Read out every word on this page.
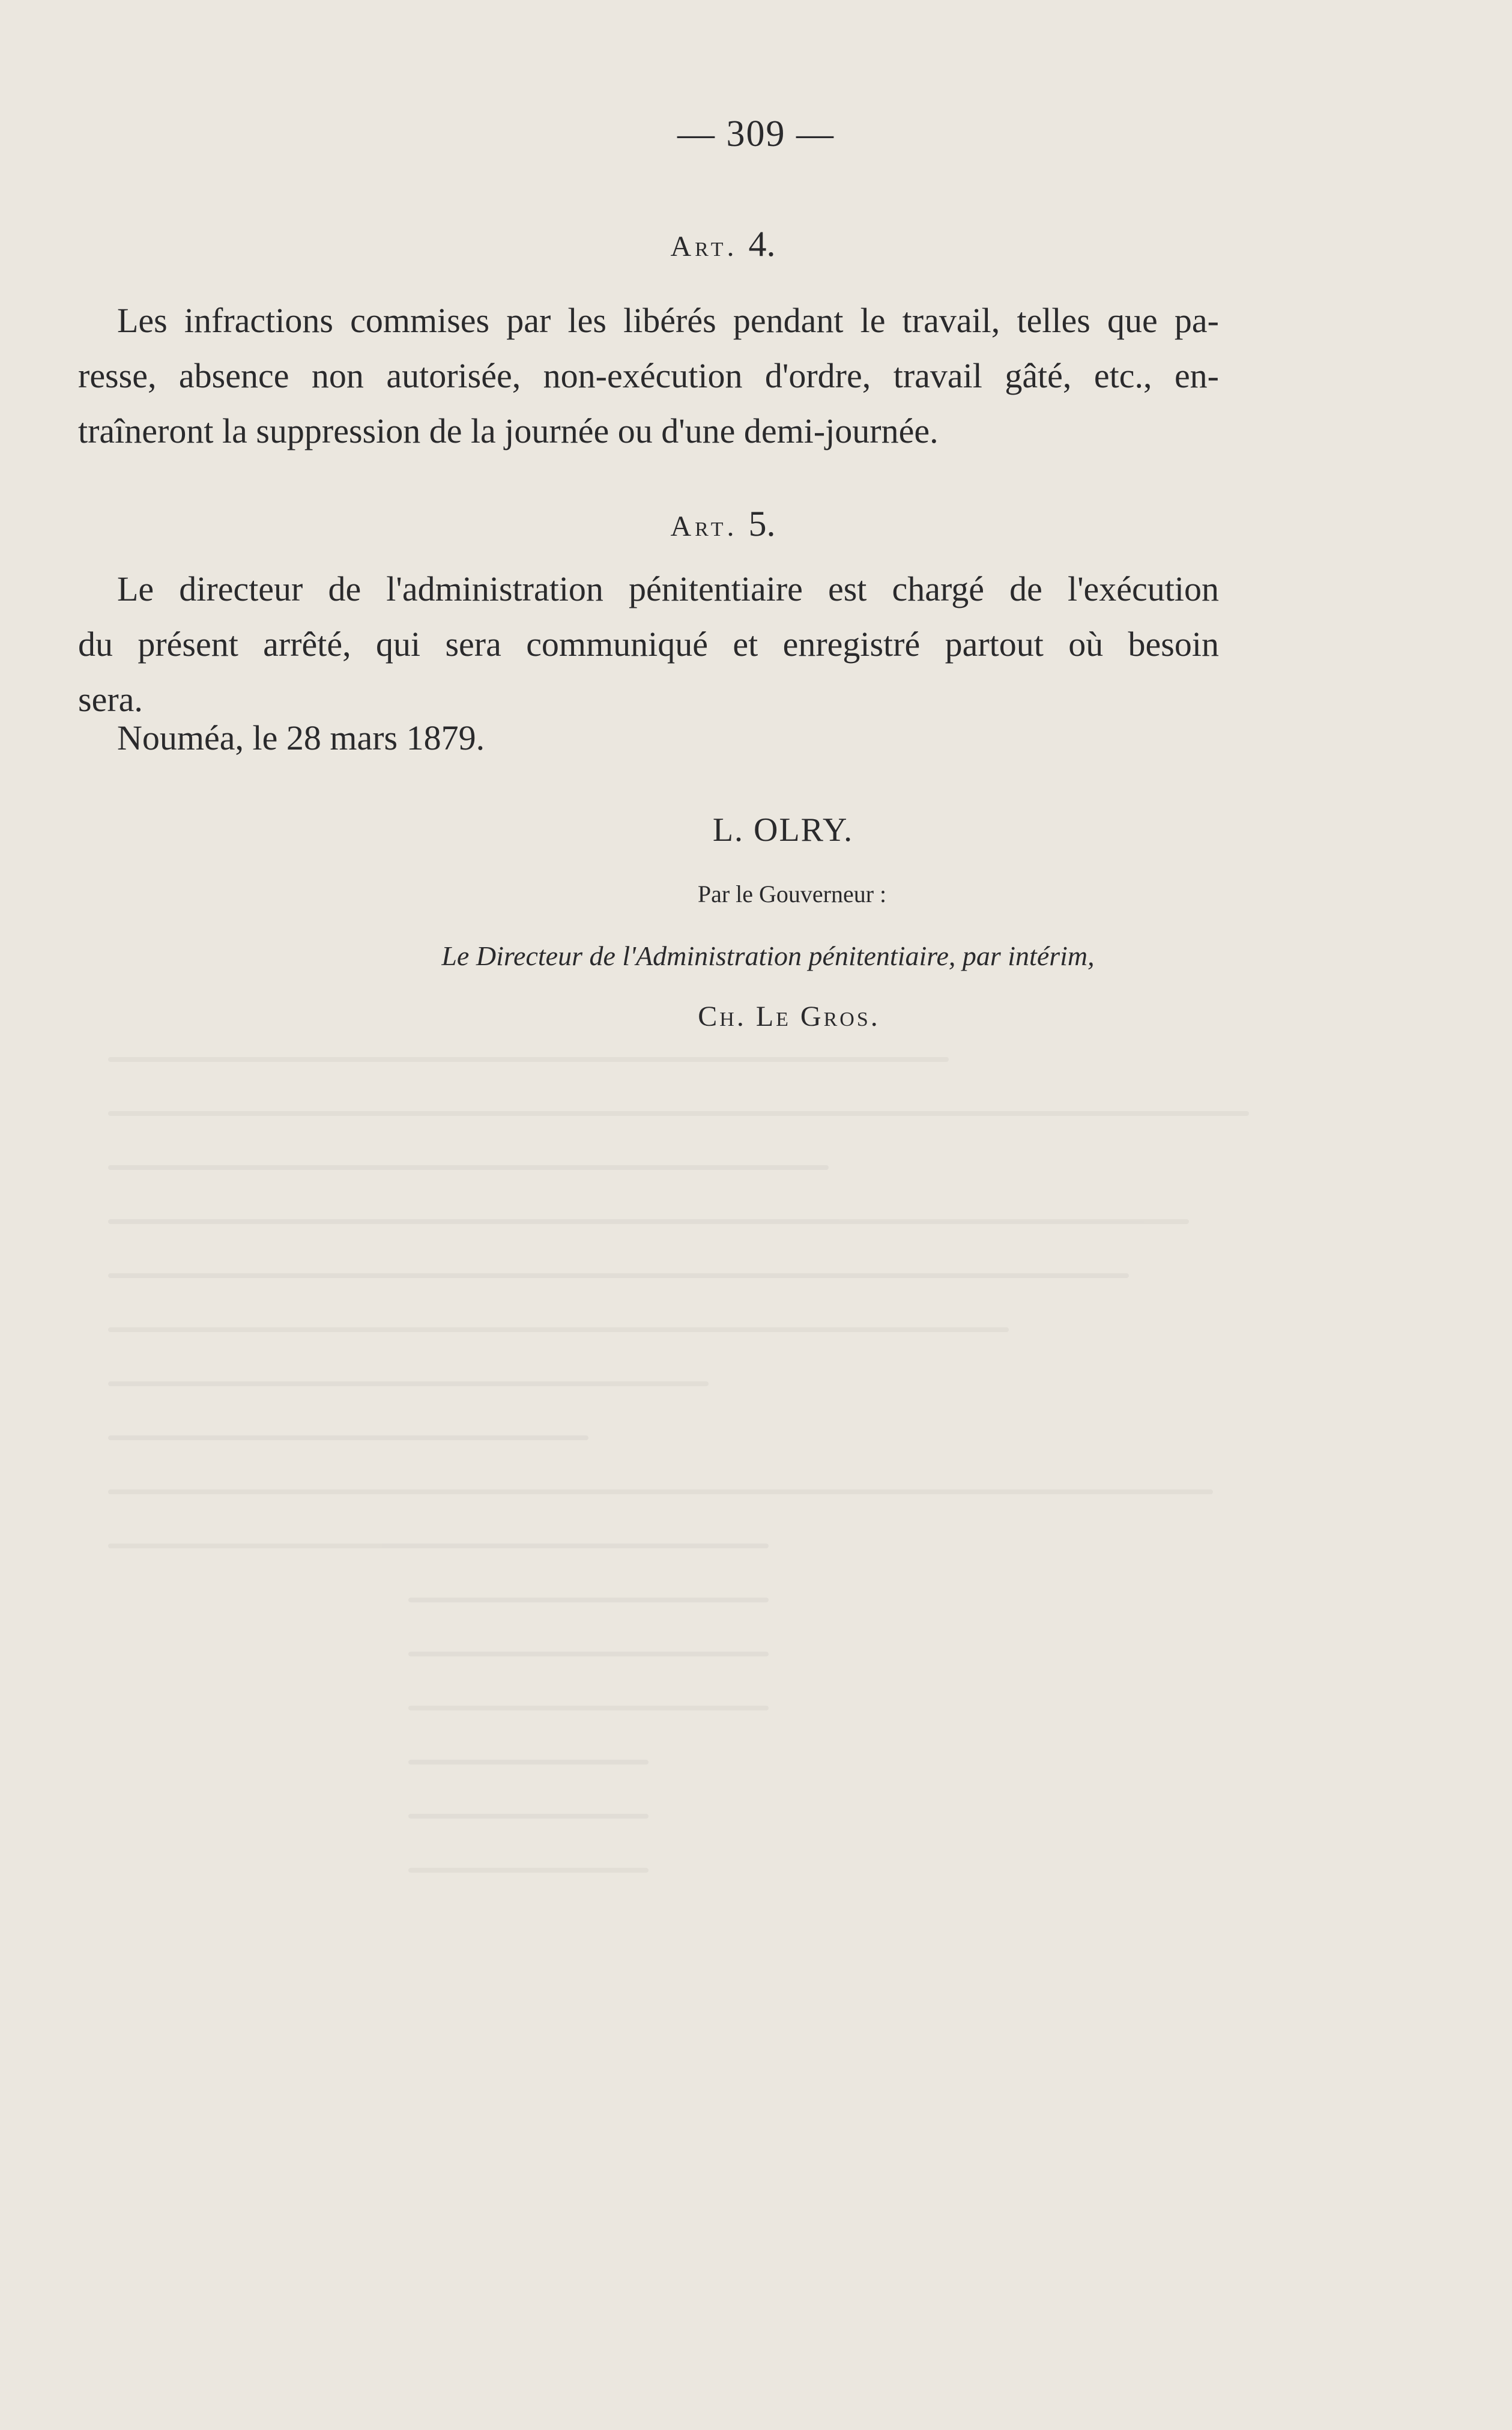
— 309 —
Art. 4.
Les infractions commises par les libérés pendant le travail, telles que pa-
resse, absence non autorisée, non-exécution d'ordre, travail gâté, etc., en-
traîneront la suppression de la journée ou d'une demi-journée.
Art. 5.
Le directeur de l'administration pénitentiaire est chargé de l'exécution
du présent arrêté, qui sera communiqué et enregistré partout où besoin
sera.
Nouméa, le 28 mars 1879.
L. OLRY.
Par le Gouverneur :
Le Directeur de l'Administration pénitentiaire, par intérim,
Ch. Le Gros.
